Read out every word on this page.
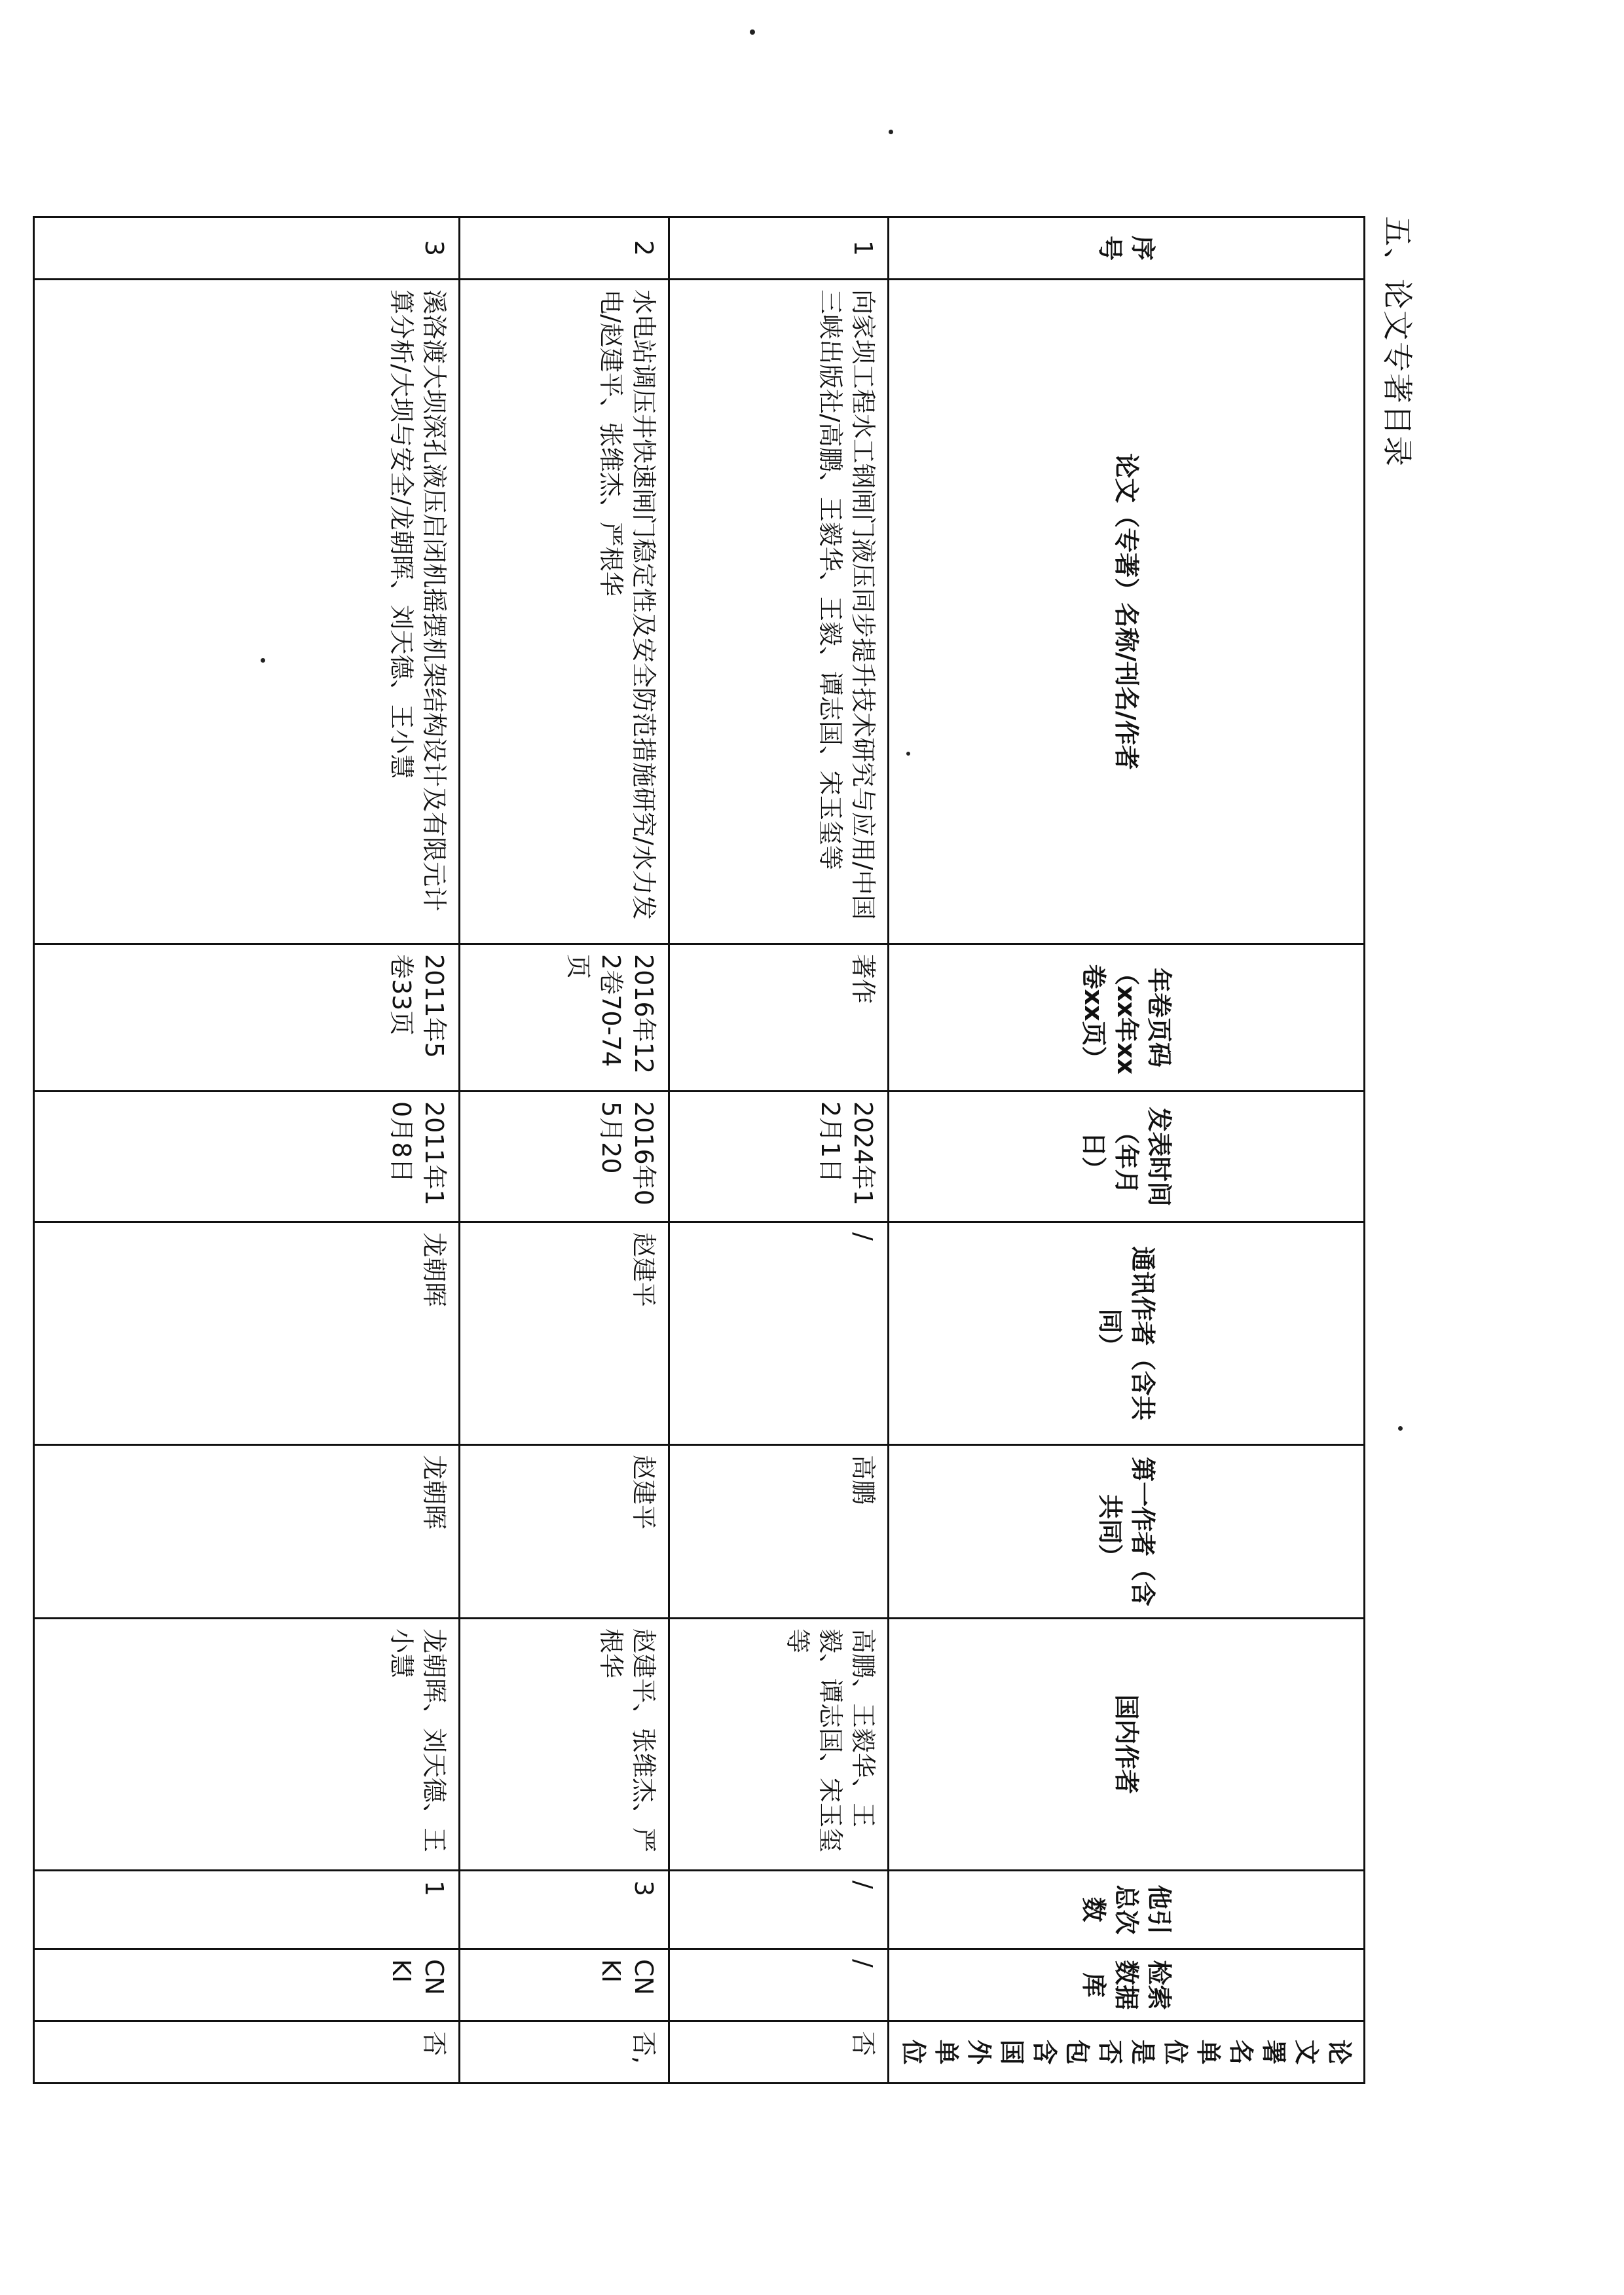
五、论文专著目录
序号	论文（专著）名称/刊名/作者	年卷页码（xx年xx卷xx页）	发表时间（年月日）	通讯作者（含共同）	第一作者（含共同）	国内作者	他引总次数	检索数据库	论文署名单位是否包含国外单位
1	向家坝工程水工钢闸门液压同步提升技术研究与应用/中国三峡出版社/高鹏、王毅华、王毅、谭志国、宋玉玺等	著作	2024年12月1日	/	高鹏	高鹏、王毅华、王毅、谭志国、宋玉玺等	/	/	否
2	水电站调压井快速闸门稳定性及安全防范措施研究/水力发电/赵建平、张维杰、严根华	2016年122卷70-74页	2016年05月20	赵建平	赵建平	赵建平、张维杰、严根华	3	CNKI	否,
3	溪洛渡大坝深孔液压启闭机摇摆机架结构设计及有限元计算分析/大坝与安全/龙朝晖、刘天德、王小慧	2011年5卷33页	2011年10月8日	龙朝晖	龙朝晖	龙朝晖、刘天德、王小慧	1	CNKI	否
